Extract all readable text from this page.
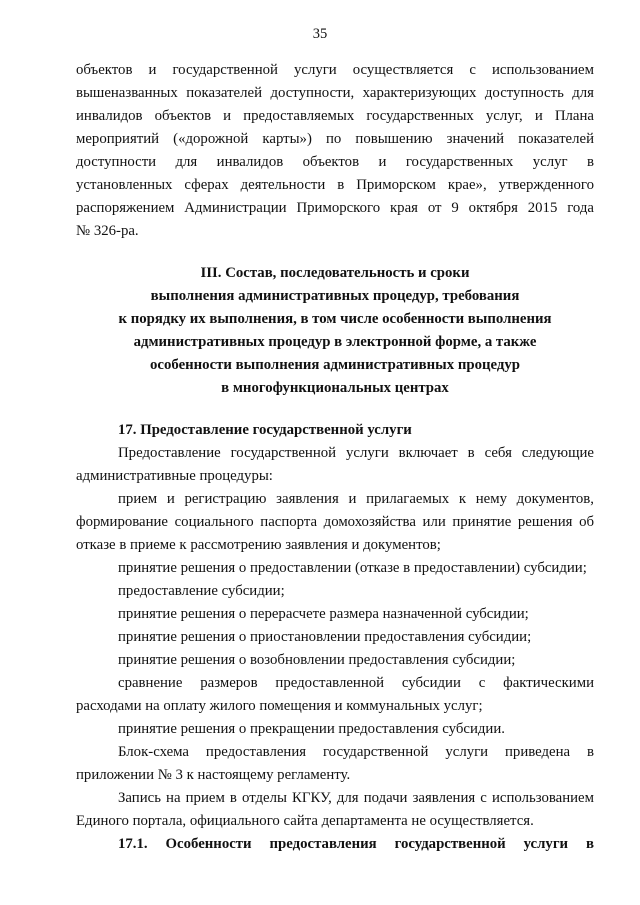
35
объектов и государственной услуги осуществляется с использованием
вышеназванных показателей доступности, характеризующих доступность для
инвалидов объектов и предоставляемых государственных услуг, и Плана
мероприятий («дорожной карты») по повышению значений показателей
доступности для инвалидов объектов и государственных услуг в
установленных сферах деятельности в Приморском крае», утвержденного
распоряжением Администрации Приморского края от 9 октября 2015 года
№ 326-ра.
III. Состав, последовательность и сроки
выполнения административных процедур, требования
к порядку их выполнения, в том числе особенности выполнения
административных процедур в электронной форме, а также
особенности выполнения административных процедур
в многофункциональных центрах
17. Предоставление государственной услуги
Предоставление государственной услуги включает в себя следующие
административные процедуры:
прием и регистрацию заявления и прилагаемых к нему документов,
формирование социального паспорта домохозяйства или принятие решения об
отказе в приеме к рассмотрению заявления и документов;
принятие решения о предоставлении (отказе в предоставлении) субсидии;
предоставление субсидии;
принятие решения о перерасчете размера назначенной субсидии;
принятие решения о приостановлении предоставления субсидии;
принятие решения о возобновлении предоставления субсидии;
сравнение размеров предоставленной субсидии с фактическими
расходами на оплату жилого помещения и коммунальных услуг;
принятие решения о прекращении предоставления субсидии.
Блок-схема предоставления государственной услуги приведена в
приложении № 3 к настоящему регламенту.
Запись на прием в отделы КГКУ, для подачи заявления с использованием
Единого портала, официального сайта департамента не осуществляется.
17.1. Особенности предоставления государственной услуги в
